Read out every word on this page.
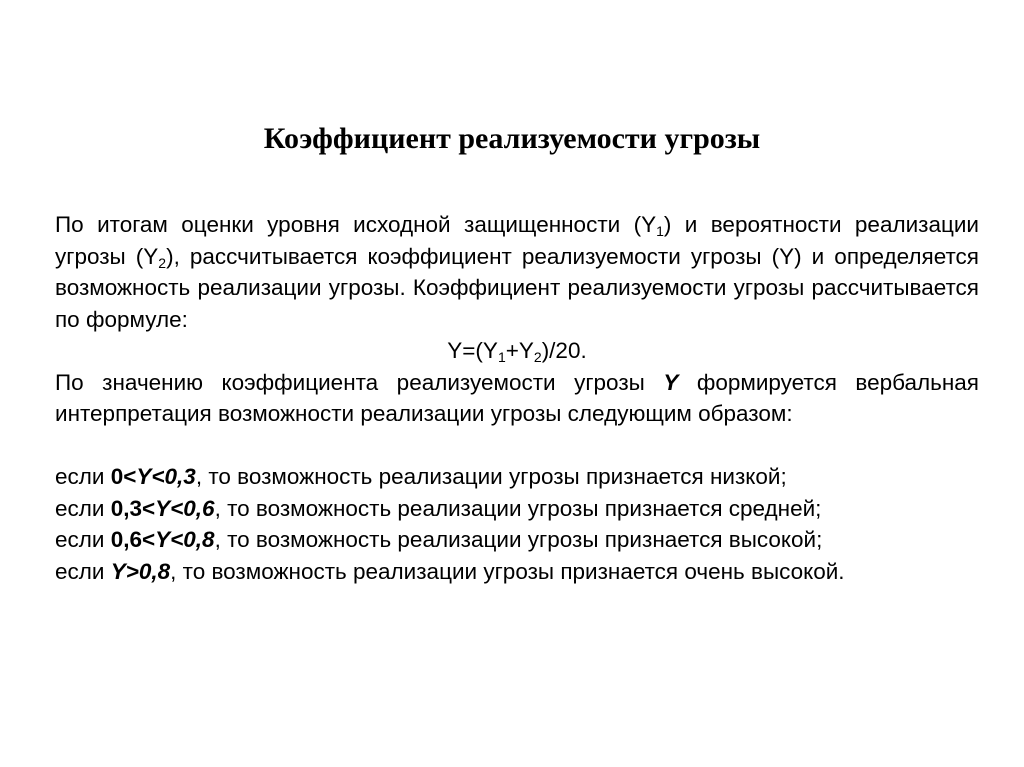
Коэффициент реализуемости угрозы

По итогам оценки уровня исходной защищенности $(Y_1)$ и вероятности реализации угрозы $(Y_2)$, рассчитывается коэффициент реализуемости угрозы (Y) и определяется возможность реализации угрозы. Коэффициент реализуемости угрозы рассчитывается по формуле:

$Y=(Y_1+Y_2)/20$.

По значению коэффициента реализуемости угрозы Y формируется вербальная интерпретация возможности реализации угрозы следующим образом:

если 0<Y<0,3, то возможность реализации угрозы признается низкой;
если 0,3<Y<0,6, то возможность реализации угрозы признается средней;
если 0,6<Y<0,8, то возможность реализации угрозы признается высокой;
если Y>0,8, то возможность реализации угрозы признается очень высокой.
